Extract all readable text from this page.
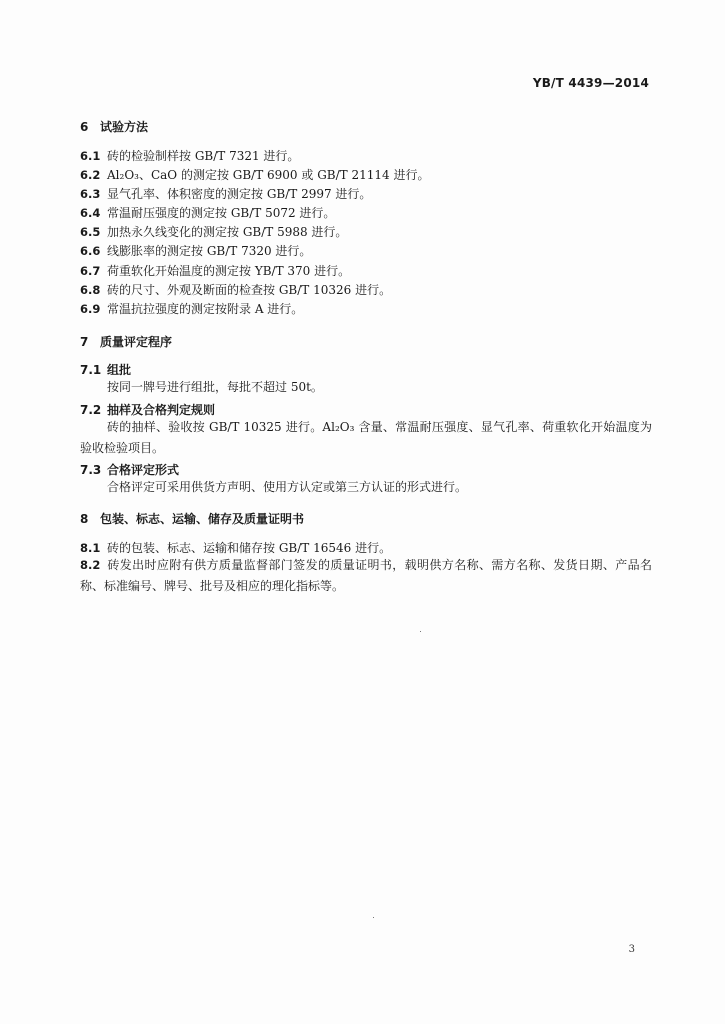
YB/T 4439—2014
6 试验方法
6.1 砖的检验制样按 GB/T 7321 进行。
6.2 Al₂O₃、CaO 的测定按 GB/T 6900 或 GB/T 21114 进行。
6.3 显气孔率、体积密度的测定按 GB/T 2997 进行。
6.4 常温耐压强度的测定按 GB/T 5072 进行。
6.5 加热永久线变化的测定按 GB/T 5988 进行。
6.6 线膨胀率的测定按 GB/T 7320 进行。
6.7 荷重软化开始温度的测定按 YB/T 370 进行。
6.8 砖的尺寸、外观及断面的检查按 GB/T 10326 进行。
6.9 常温抗拉强度的测定按附录 A 进行。
7 质量评定程序
7.1 组批
按同一牌号进行组批，每批不超过 50t。
7.2 抽样及合格判定规则
砖的抽样、验收按 GB/T 10325 进行。Al₂O₃ 含量、常温耐压强度、显气孔率、荷重软化开始温度为验收检验项目。
7.3 合格评定形式
合格评定可采用供货方声明、使用方认定或第三方认证的形式进行。
8 包装、标志、运输、储存及质量证明书
8.1 砖的包装、标志、运输和储存按 GB/T 16546 进行。
8.2 砖发出时应附有供方质量监督部门签发的质量证明书，载明供方名称、需方名称、发货日期、产品名称、标准编号、牌号、批号及相应的理化指标等。
3
